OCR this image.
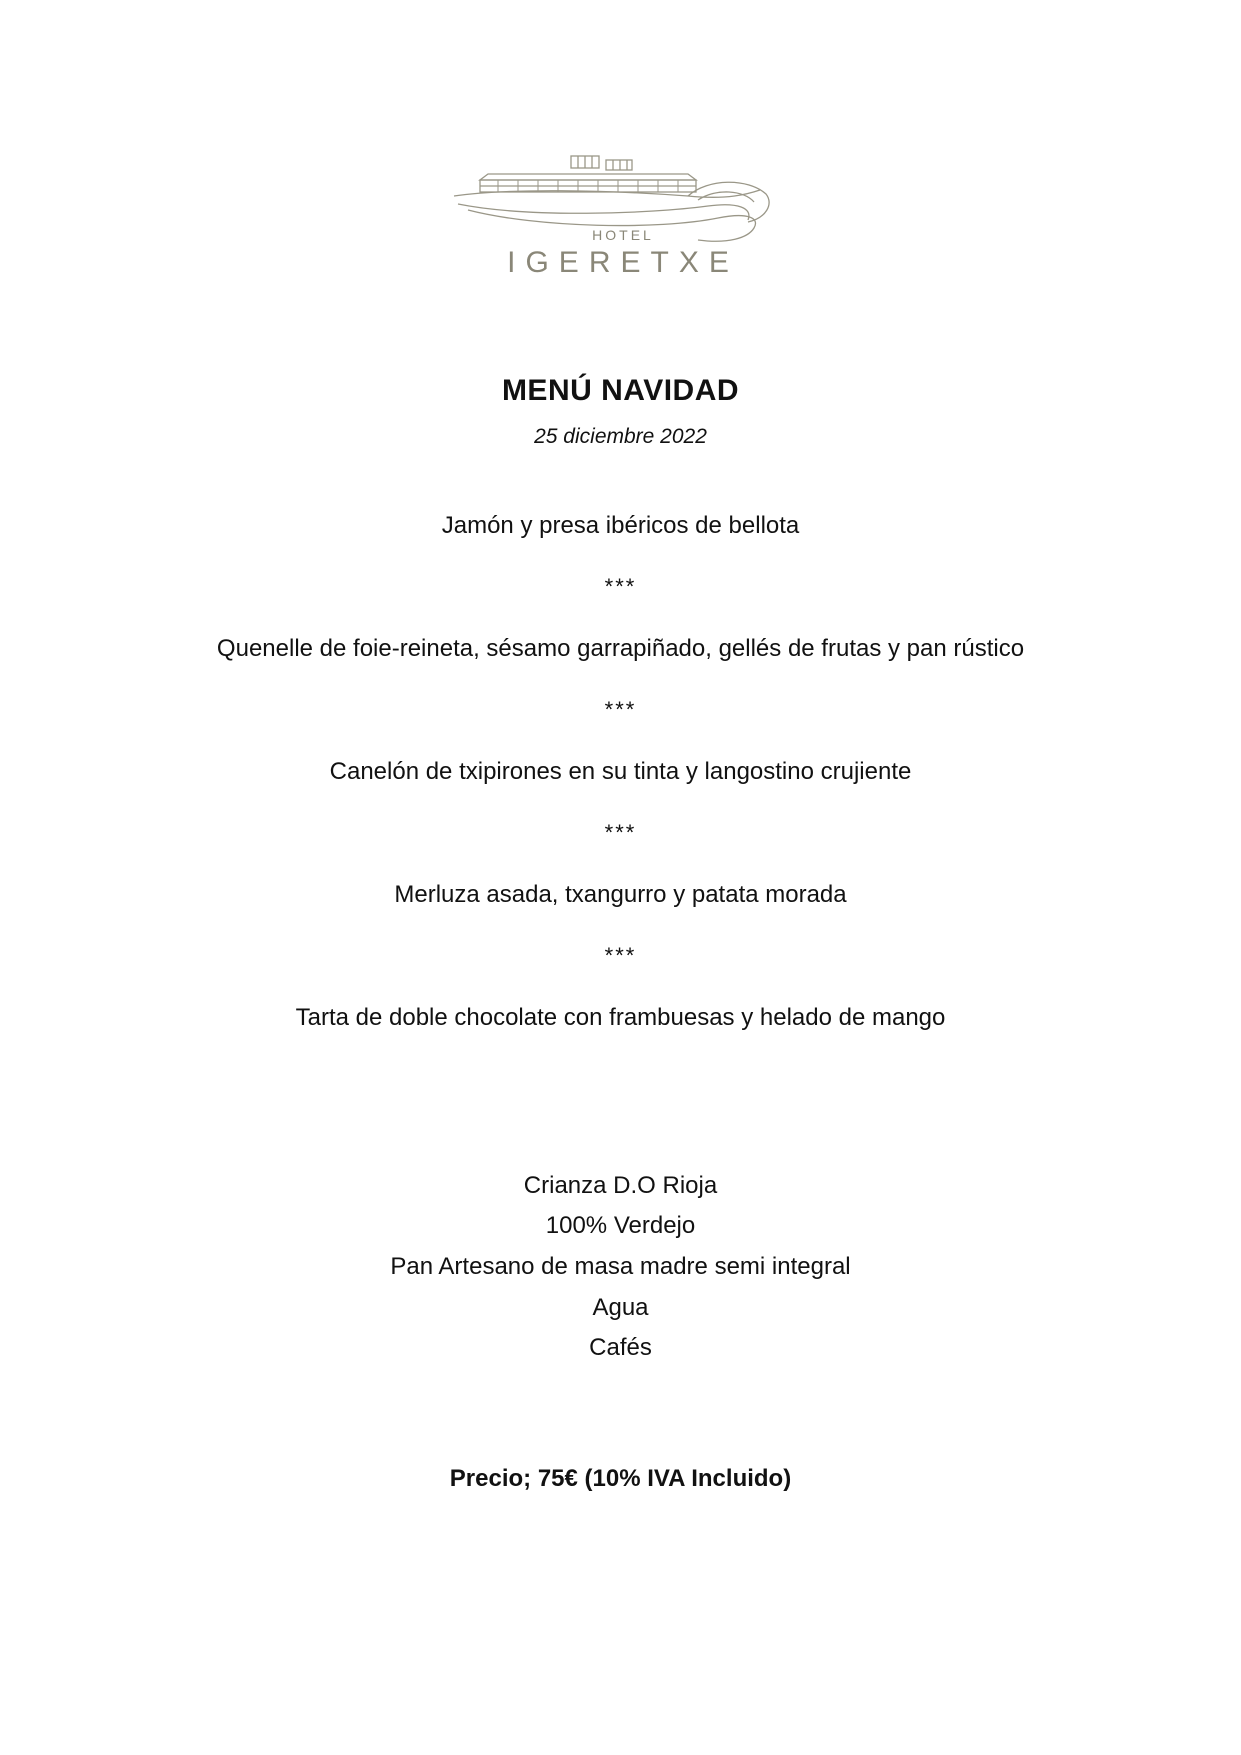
HOTEL
IGERETXE
MENÚ NAVIDAD
25 diciembre 2022
Jamón y presa ibéricos de bellota
***
Quenelle de foie-reineta, sésamo garrapiñado, gellés de frutas y pan rústico
***
Canelón de txipirones en su tinta y langostino crujiente
***
Merluza asada, txangurro y patata morada
***
Tarta de doble chocolate con frambuesas y helado de mango
Crianza D.O Rioja
100% Verdejo
Pan Artesano de masa madre semi integral
Agua
Cafés
Precio; 75€ (10% IVA Incluido)
